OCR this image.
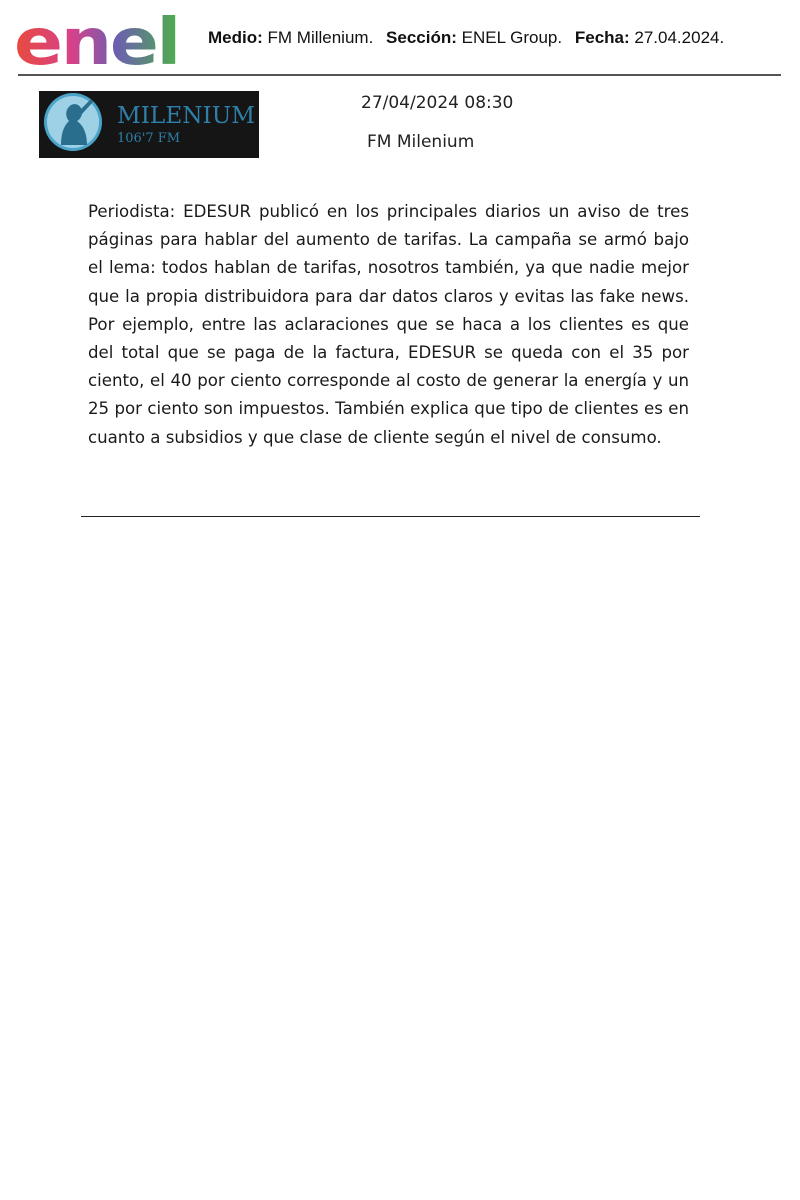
enel Medio: FM Millenium. Sección: ENEL Group. Fecha: 27.04.2024.
MILENIUM
106'7 FM
27/04/2024 08:30
FM Milenium
Periodista: EDESUR publicó en los principales diarios un aviso de tres páginas para hablar del aumento de tarifas. La campaña se armó bajo el lema: todos hablan de tarifas, nosotros también, ya que nadie mejor que la propia distribuidora para dar datos claros y evitas las fake news. Por ejemplo, entre las aclaraciones que se haca a los clientes es que del total que se paga de la factura, EDESUR se queda con el 35 por ciento, el 40 por ciento corresponde al costo de generar la energía y un 25 por ciento son impuestos. También explica que tipo de clientes es en cuanto a subsidios y que clase de cliente según el nivel de consumo.
